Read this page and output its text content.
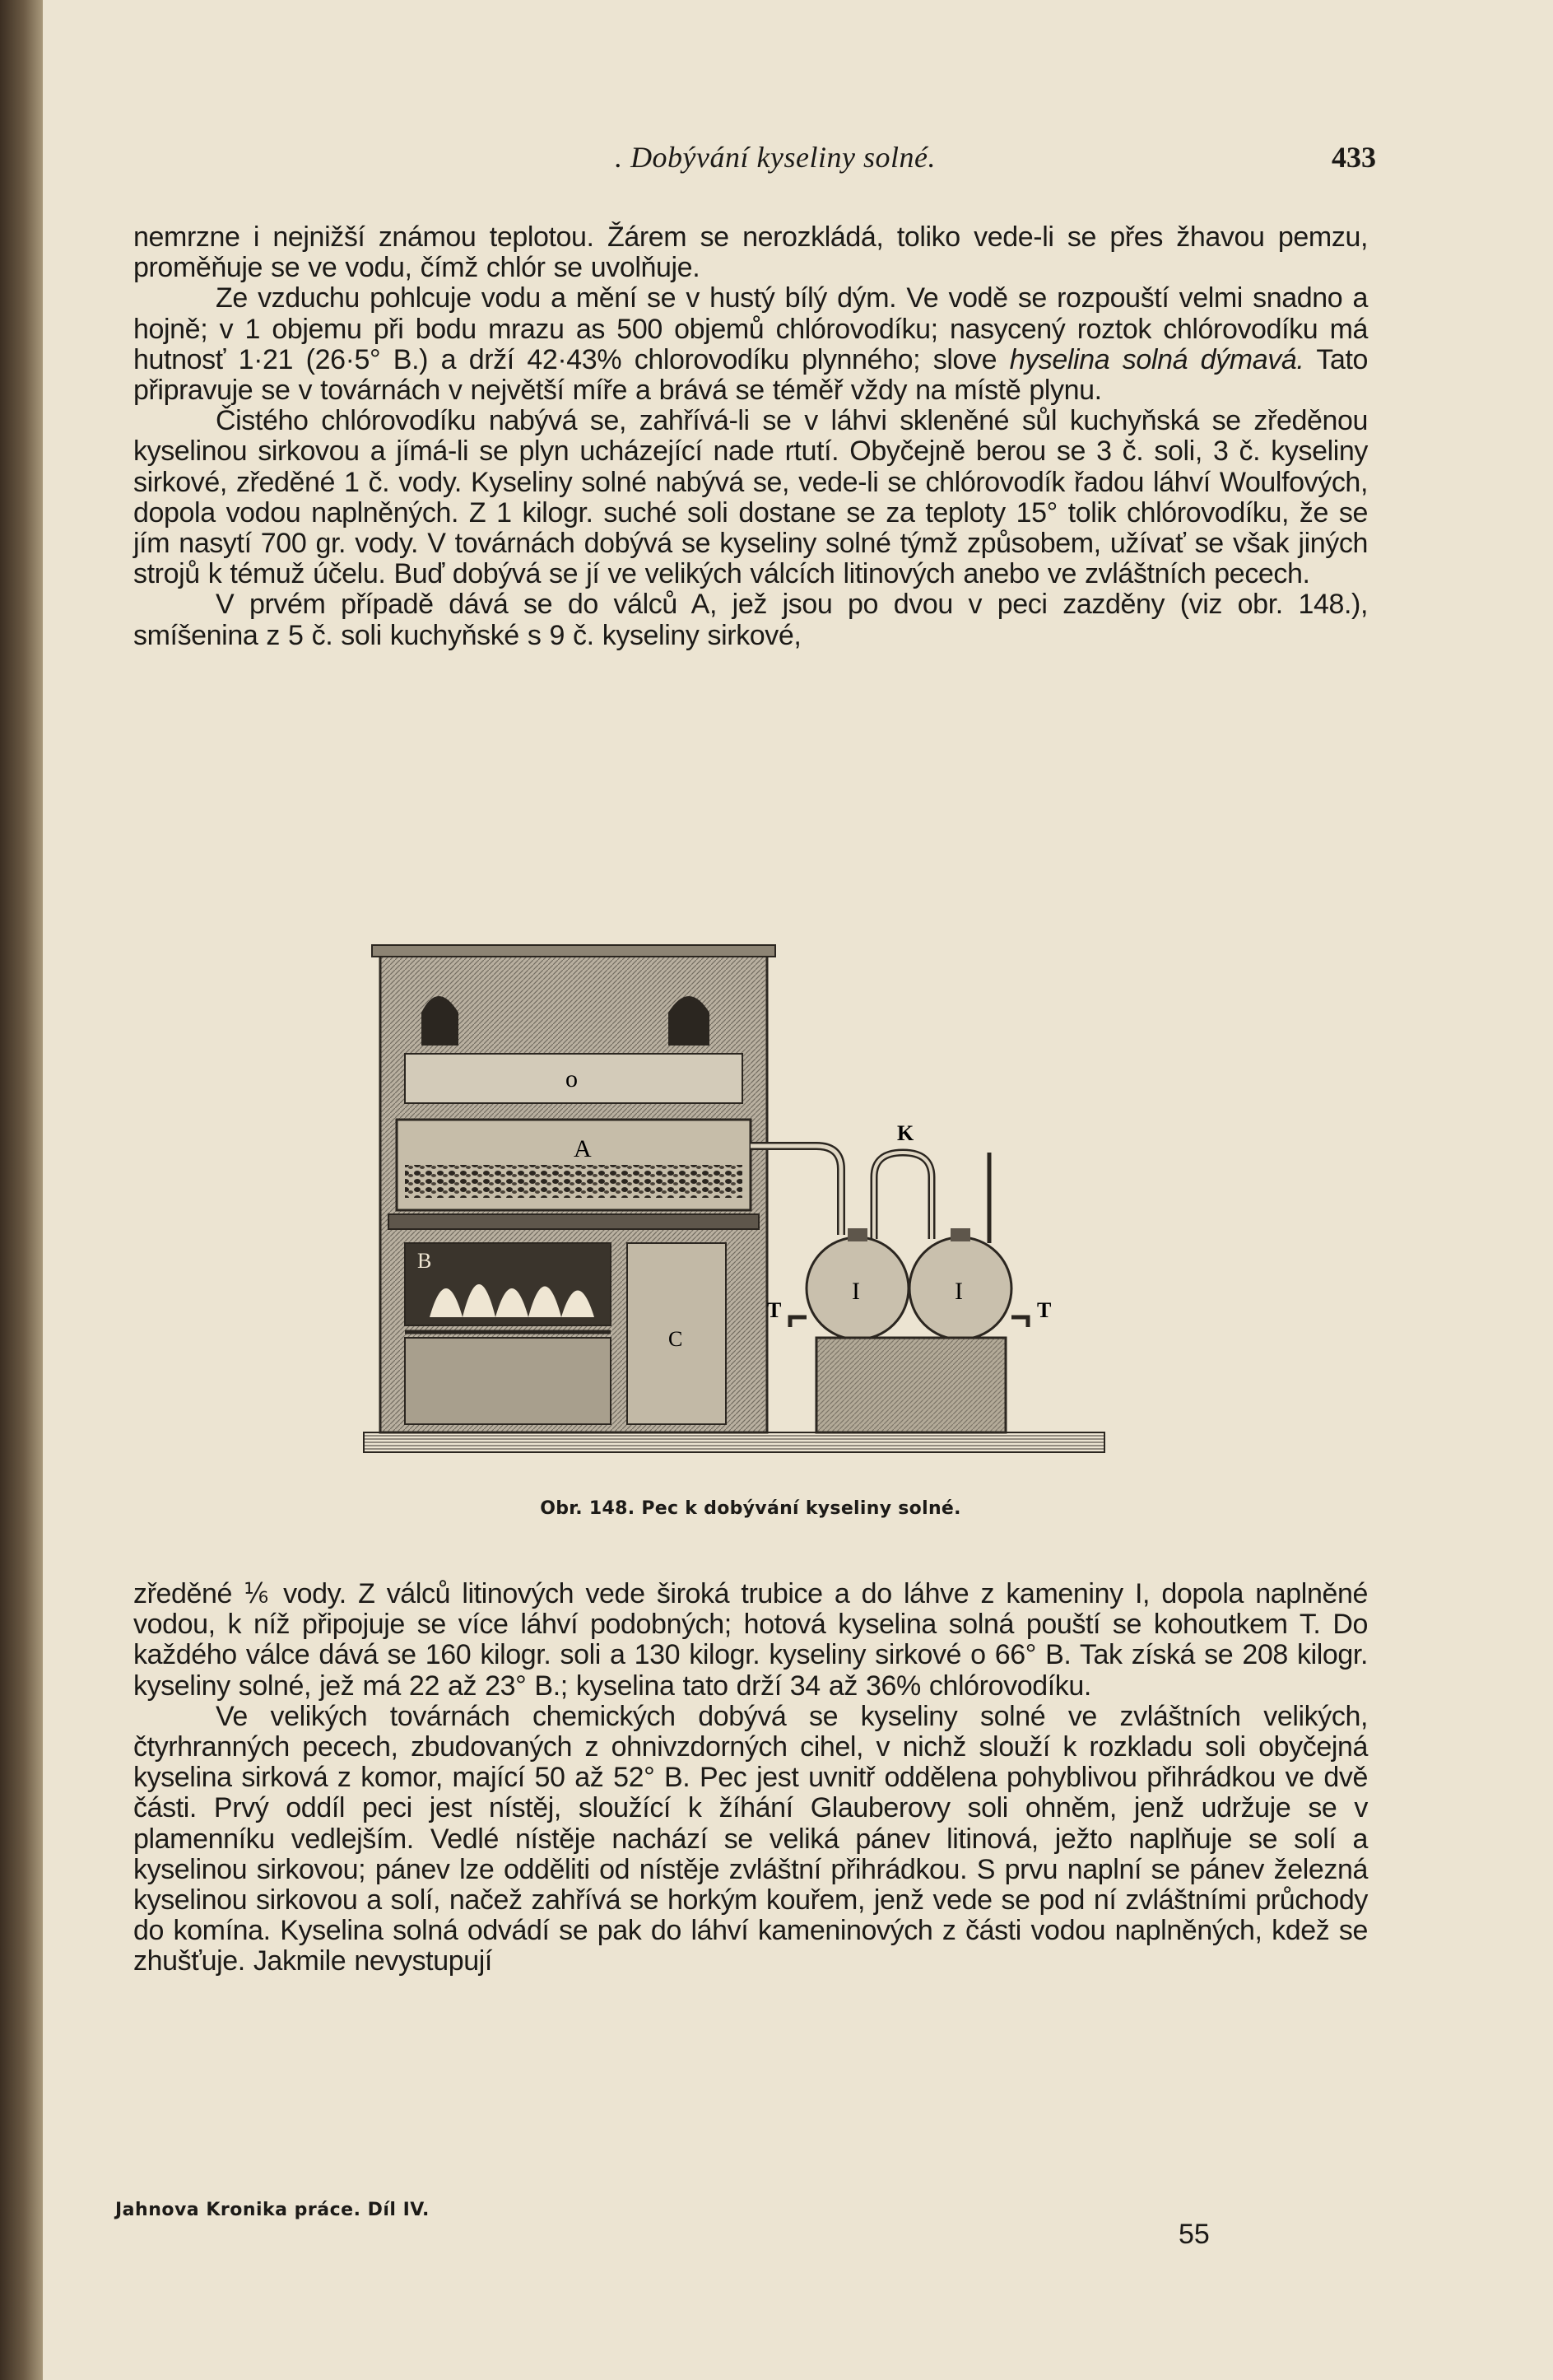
. Dobývání kyseliny solné.	433

nemrzne i nejnižší známou teplotou. Žárem se nerozkládá, toliko vede-li se přes žhavou pemzu, proměňuje se ve vodu, čímž chlór se uvolňuje.

Ze vzduchu pohlcuje vodu a mění se v hustý bílý dým. Ve vodě se rozpouští velmi snadno a hojně; v 1 objemu při bodu mrazu as 500 objemů chlórovodíku; nasycený roztok chlórovodíku má hutnosť 1·21 (26·5° B.) a drží 42·43% chlorovodíku plynného; slove hyselina solná dýmavá. Tato připravuje se v továrnách v největší míře a brává se téměř vždy na místě plynu.

Čistého chlórovodíku nabývá se, zahřívá-li se v láhvi skleněné sůl kuchyňská se zředěnou kyselinou sirkovou a jímá-li se plyn ucházející nade rtutí. Obyčejně berou se 3 č. soli, 3 č. kyseliny sirkové, zředěné 1 č. vody. Kyseliny solné nabývá se, vede-li se chlórovodík řadou láhví Woulfových, dopola vodou naplněných. Z 1 kilogr. suché soli dostane se za teploty 15° tolik chlórovodíku, že se jím nasytí 700 gr. vody. V továrnách dobývá se kyseliny solné týmž způsobem, užívať se však jiných strojů k témuž účelu. Buď dobývá se jí ve velikých válcích litinových anebo ve zvláštních pecech.

V prvém případě dává se do válců A, jež jsou po dvou v peci zazděny (viz obr. 148.), smíšenina z 5 č. soli kuchyňské s 9 č. kyseliny sirkové,

o
A
B
C
K
I	I
T	T
Obr. 148. Pec k dobývání kyseliny solné.

zředěné ⅙ vody. Z válců litinových vede široká trubice a do láhve z kameniny I, dopola naplněné vodou, k níž připojuje se více láhví podobných; hotová kyselina solná pouští se kohoutkem T. Do každého válce dává se 160 kilogr. soli a 130 kilogr. kyseliny sirkové o 66° B. Tak získá se 208 kilogr. kyseliny solné, jež má 22 až 23° B.; kyselina tato drží 34 až 36% chlórovodíku.

Ve velikých továrnách chemických dobývá se kyseliny solné ve zvláštních velikých, čtyrhranných pecech, zbudovaných z ohnivzdorných cihel, v nichž slouží k rozkladu soli obyčejná kyselina sirková z komor, mající 50 až 52° B. Pec jest uvnitř oddělena pohyblivou přihrádkou ve dvě části. Prvý oddíl peci jest nístěj, sloužící k žíhání Glauberovy soli ohněm, jenž udržuje se v plamenníku vedlejším. Vedlé nístěje nachází se veliká pánev litinová, ježto naplňuje se solí a kyselinou sirkovou; pánev lze odděliti od nístěje zvláštní přihrádkou. S prvu naplní se pánev železná kyselinou sirkovou a solí, načež zahřívá se horkým kouřem, jenž vede se pod ní zvláštními průchody do komína. Kyselina solná odvádí se pak do láhví kameninových z části vodou naplněných, kdež se zhušťuje. Jakmile nevystupují

Jahnova Kronika práce. Díl IV.
55
